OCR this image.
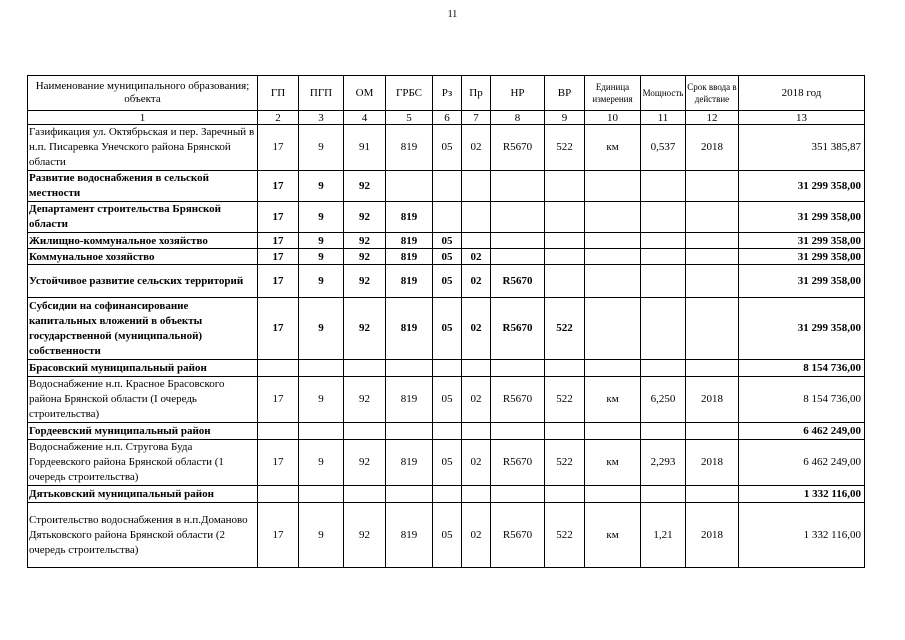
11
Наименование муниципального образования; объекта	ГП	ПГП	ОМ	ГРБС	Рз	Пр	НР	ВР	Единица измерения	Мощность	Срок ввода в действие	2018 год
1	2	3	4	5	6	7	8	9	10	11	12	13
Газификация ул. Октябрьская и пер. Заречный в н.п. Писаревка Унечского района Брянской области	17	9	91	819	05	02	R5670	522	км	0,537	2018	351 385,87
Развитие водоснабжения в сельской местности	17	9	92									31 299 358,00
Департамент строительства Брянской области	17	9	92	819								31 299 358,00
Жилищно-коммунальное хозяйство	17	9	92	819	05							31 299 358,00
Коммунальное хозяйство	17	9	92	819	05	02						31 299 358,00
Устойчивое развитие сельских территорий	17	9	92	819	05	02	R5670					31 299 358,00
Субсидии на софинансирование капитальных вложений в объекты государственной (муниципальной) собственности	17	9	92	819	05	02	R5670	522				31 299 358,00
Брасовский муниципальный район												8 154 736,00
Водоснабжение н.п. Красное Брасовского района Брянской области (I очередь строительства)	17	9	92	819	05	02	R5670	522	км	6,250	2018	8 154 736,00
Гордеевский муниципальный район												6 462 249,00
Водоснабжение н.п. Стругова Буда Гордеевского района Брянской области (1 очередь строительства)	17	9	92	819	05	02	R5670	522	км	2,293	2018	6 462 249,00
Дятьковский муниципальный район												1 332 116,00
Строительство водоснабжения в н.п.Доманово Дятьковского района Брянской области (2 очередь строительства)	17	9	92	819	05	02	R5670	522	км	1,21	2018	1 332 116,00
